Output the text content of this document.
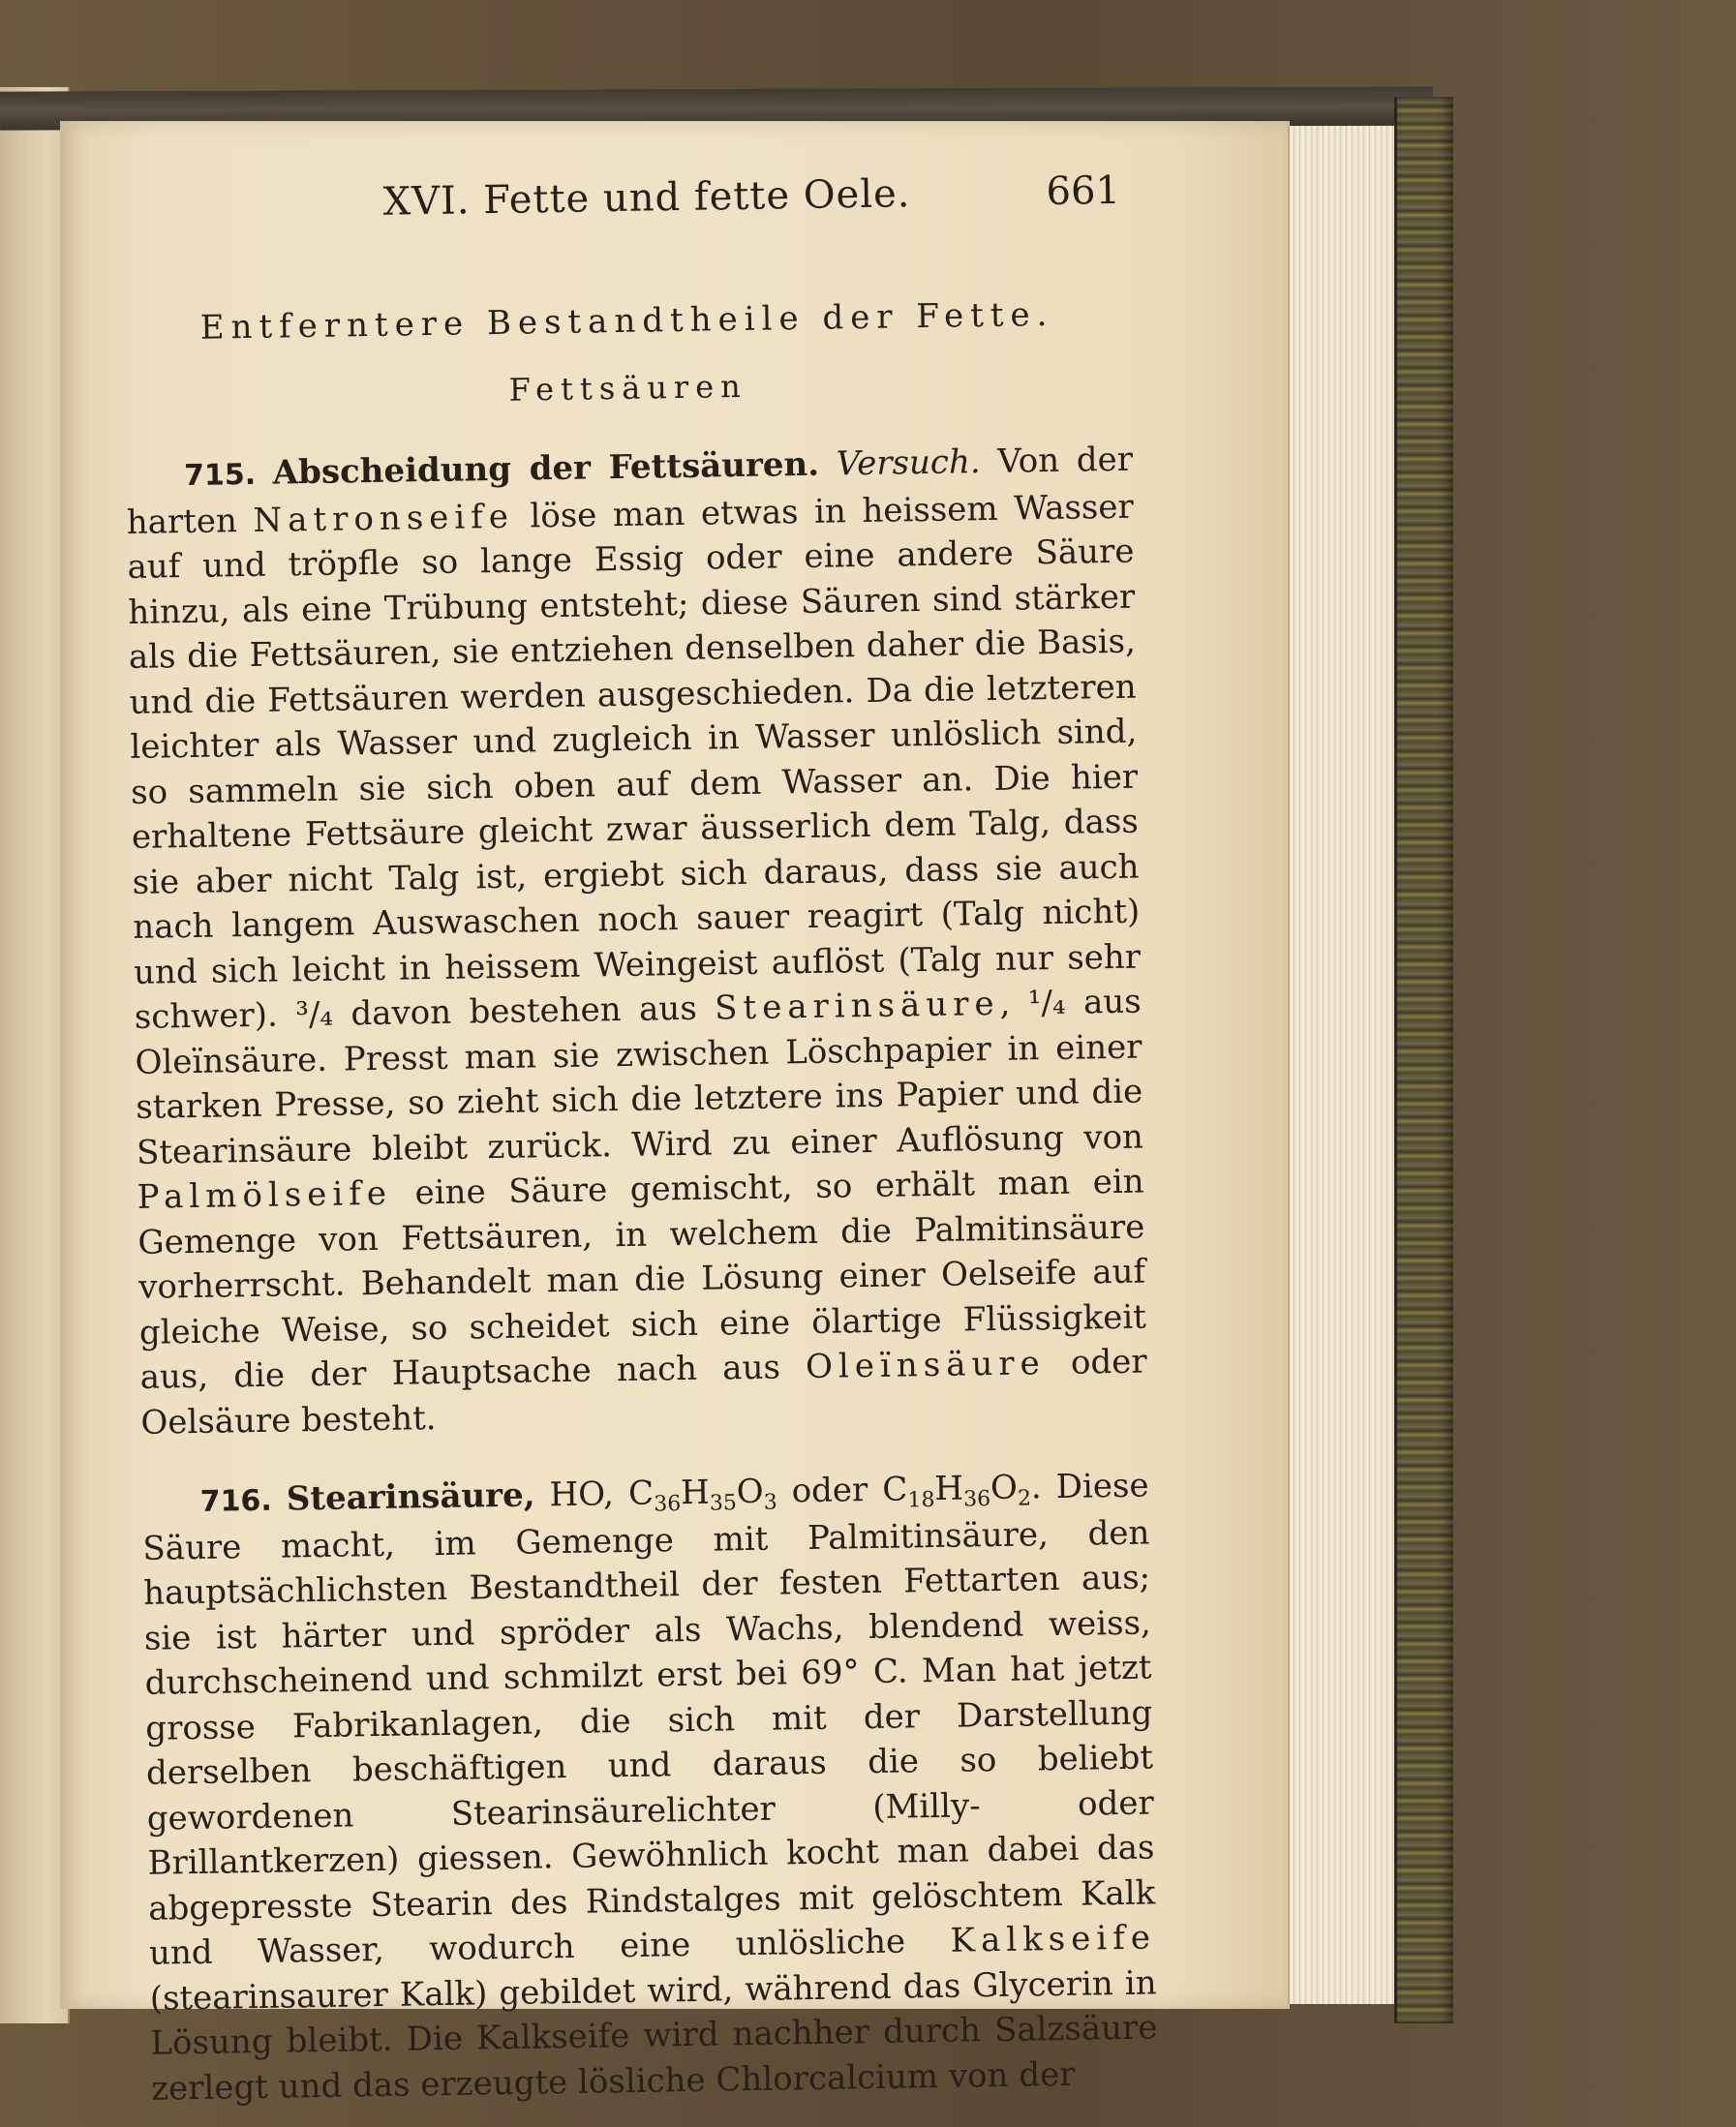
XVI. Fette und fette Oele.	661

Entferntere Bestandtheile der Fette.

Fettsäuren

715. Abscheidung der Fettsäuren. Versuch. Von der harten Natronseife löse man etwas in heissem Wasser auf und tröpfle so lange Essig oder eine andere Säure hinzu, als eine Trübung entsteht; diese Säuren sind stärker als die Fettsäuren, sie entziehen denselben daher die Basis, und die Fettsäuren werden ausgeschieden. Da die letzteren leichter als Wasser und zugleich in Wasser unlöslich sind, so sammeln sie sich oben auf dem Wasser an. Die hier erhaltene Fettsäure gleicht zwar äusserlich dem Talg, dass sie aber nicht Talg ist, ergiebt sich daraus, dass sie auch nach langem Auswaschen noch sauer reagirt (Talg nicht) und sich leicht in heissem Weingeist auflöst (Talg nur sehr schwer). ³/₄ davon bestehen aus Stearinsäure, ¹/₄ aus Oleïnsäure. Presst man sie zwischen Löschpapier in einer starken Presse, so zieht sich die letztere ins Papier und die Stearinsäure bleibt zurück. Wird zu einer Auflösung von Palmölseife eine Säure gemischt, so erhält man ein Gemenge von Fettsäuren, in welchem die Palmitinsäure vorherrscht. Behandelt man die Lösung einer Oelseife auf gleiche Weise, so scheidet sich eine ölartige Flüssigkeit aus, die der Hauptsache nach aus Oleïnsäure oder Oelsäure besteht.

716. Stearinsäure, HO, $C_{36}H_{35}O_3$ oder $C_{18}H_{36}O_2$. Diese Säure macht, im Gemenge mit Palmitinsäure, den hauptsächlichsten Bestandtheil der festen Fettarten aus; sie ist härter und spröder als Wachs, blendend weiss, durchscheinend und schmilzt erst bei 69° C. Man hat jetzt grosse Fabrikanlagen, die sich mit der Darstellung derselben beschäftigen und daraus die so beliebt gewordenen Stearinsäurelichter (Milly- oder Brillantkerzen) giessen. Gewöhnlich kocht man dabei das abgepresste Stearin des Rindstalges mit gelöschtem Kalk und Wasser, wodurch eine unlösliche Kalkseife (stearinsaurer Kalk) gebildet wird, während das Glycerin in Lösung bleibt. Die Kalkseife wird nachher durch Salzsäure zerlegt und das erzeugte lösliche Chlorcalcium von der
